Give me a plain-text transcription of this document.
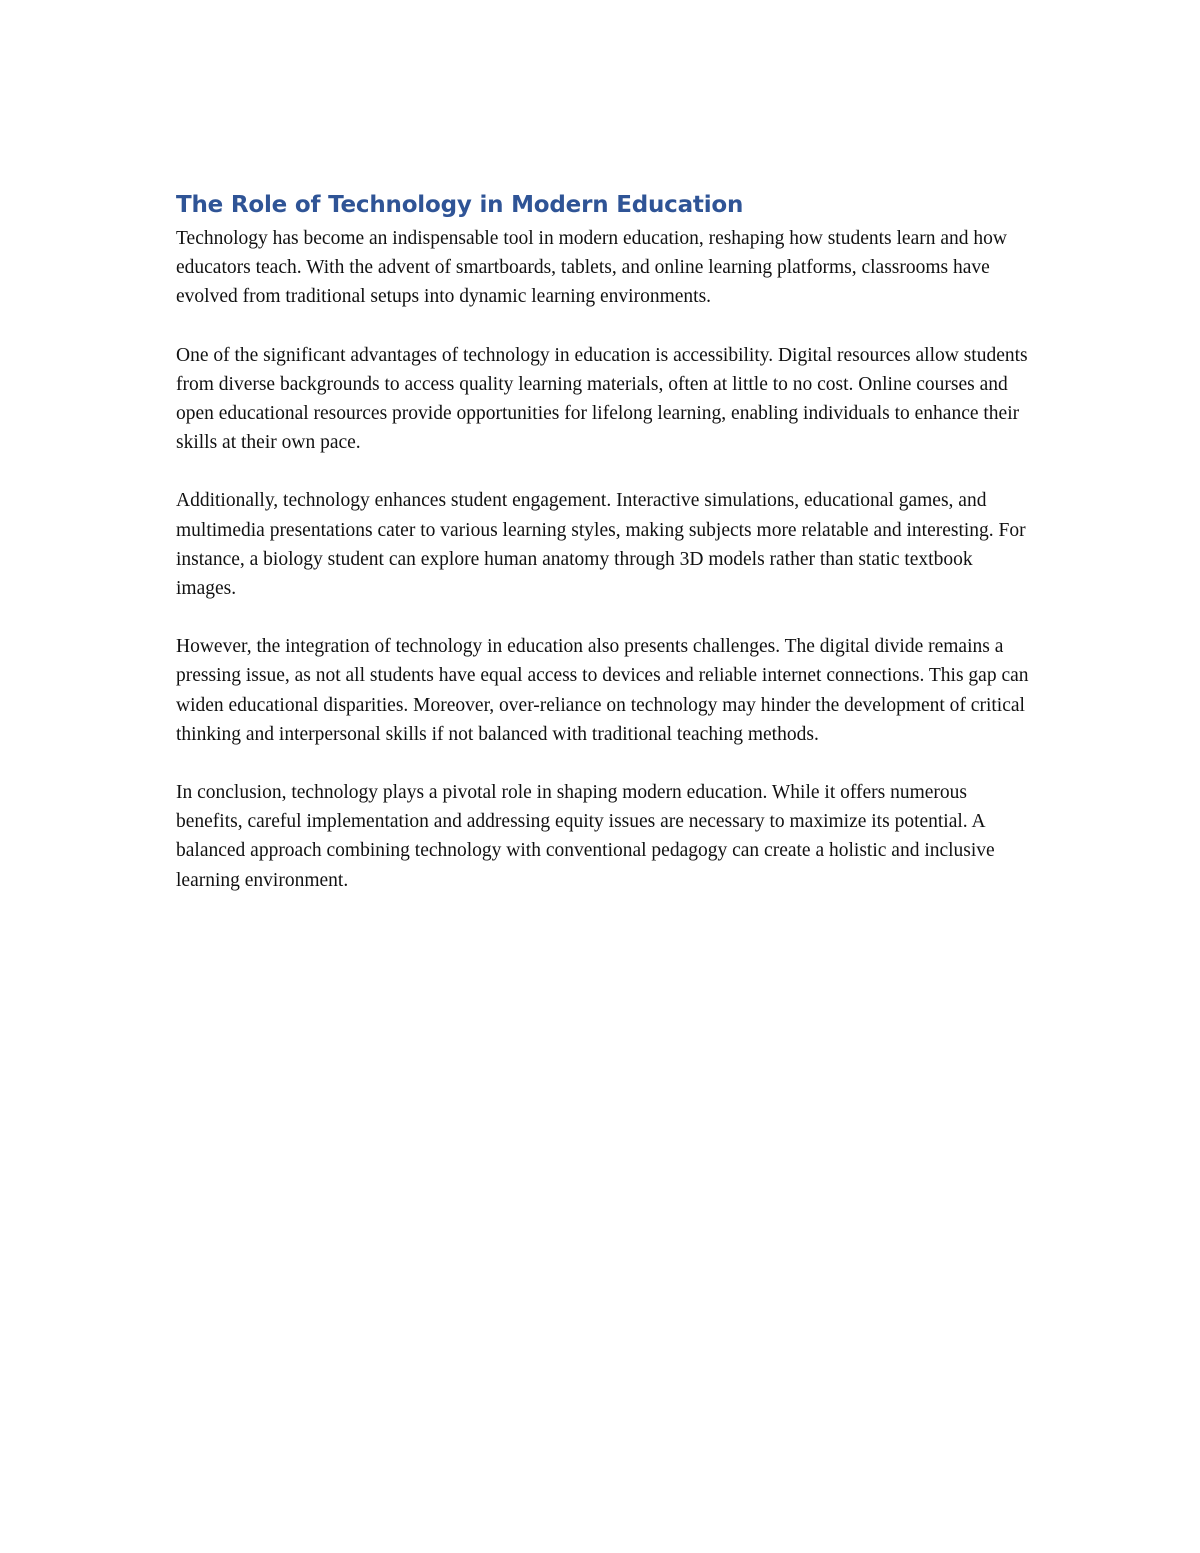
The Role of Technology in Modern Education

Technology has become an indispensable tool in modern education, reshaping how students learn and how educators teach. With the advent of smartboards, tablets, and online learning platforms, classrooms have evolved from traditional setups into dynamic learning environments.

One of the significant advantages of technology in education is accessibility. Digital resources allow students from diverse backgrounds to access quality learning materials, often at little to no cost. Online courses and open educational resources provide opportunities for lifelong learning, enabling individuals to enhance their skills at their own pace.

Additionally, technology enhances student engagement. Interactive simulations, educational games, and multimedia presentations cater to various learning styles, making subjects more relatable and interesting. For instance, a biology student can explore human anatomy through 3D models rather than static textbook images.

However, the integration of technology in education also presents challenges. The digital divide remains a pressing issue, as not all students have equal access to devices and reliable internet connections. This gap can widen educational disparities. Moreover, over-reliance on technology may hinder the development of critical thinking and interpersonal skills if not balanced with traditional teaching methods.

In conclusion, technology plays a pivotal role in shaping modern education. While it offers numerous benefits, careful implementation and addressing equity issues are necessary to maximize its potential. A balanced approach combining technology with conventional pedagogy can create a holistic and inclusive learning environment.
